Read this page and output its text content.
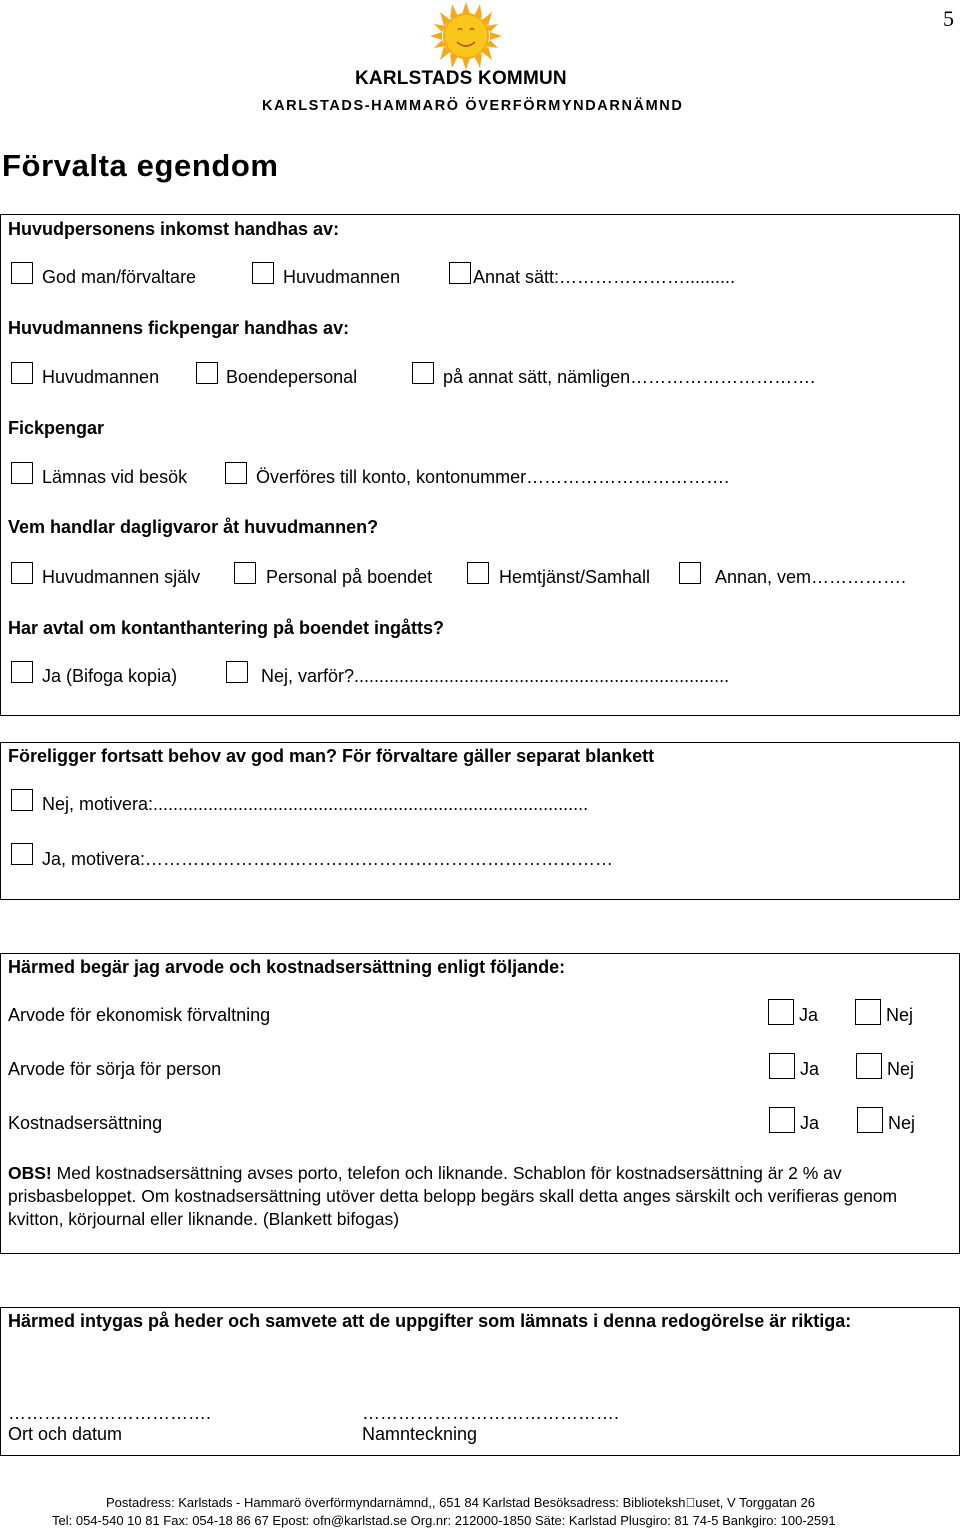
5
KARLSTADS KOMMUN
KARLSTADS-HAMMARÖ ÖVERFÖRMYNDARNÄMND
Förvalta egendom
Huvudpersonens inkomst handhas av:
God man/förvaltare	Huvudmannen	Annat sätt:…………………..........
Huvudmannens fickpengar handhas av:
Huvudmannen	Boendepersonal	på annat sätt, nämligen………………………….
Fickpengar
Lämnas vid besök	Överföres till konto, kontonummer…………………………….
Vem handlar dagligvaror åt huvudmannen?
Huvudmannen själv	Personal på boendet	Hemtjänst/Samhall	Annan, vem…………….
Har avtal om kontanthantering på boendet ingåtts?
Ja (Bifoga kopia)	Nej, varför?...........................................................................
Föreligger fortsatt behov av god man? För förvaltare gäller separat blankett
Nej, motivera:.......................................................................................
Ja, motivera:……………………………………………………………………
Härmed begär jag arvode och kostnadsersättning enligt följande:
Arvode för ekonomisk förvaltning	Ja	Nej
Arvode för sörja för person	Ja	Nej
Kostnadsersättning	Ja	Nej
OBS! Med kostnadsersättning avses porto, telefon och liknande. Schablon för kostnadsersättning är 2 % av prisbasbeloppet. Om kostnadsersättning utöver detta belopp begärs skall detta anges särskilt och verifieras genom kvitton, körjournal eller liknande. (Blankett bifogas)
Härmed intygas på heder och samvete att de uppgifter som lämnats i denna redogörelse är riktiga:
…………………………….	…………………………………….
Ort och datum	Namnteckning
Postadress: Karlstads - Hammarö överförmyndarnämnd,, 651 84 Karlstad Besöksadress: Biblioteksh uset, V Torggatan 26
Tel: 054-540 10 81 Fax: 054-18 86 67 Epost: ofn@karlstad.se Org.nr: 212000-1850 Säte: Karlstad Plusgiro: 81 74-5 Bankgiro: 100-2591
